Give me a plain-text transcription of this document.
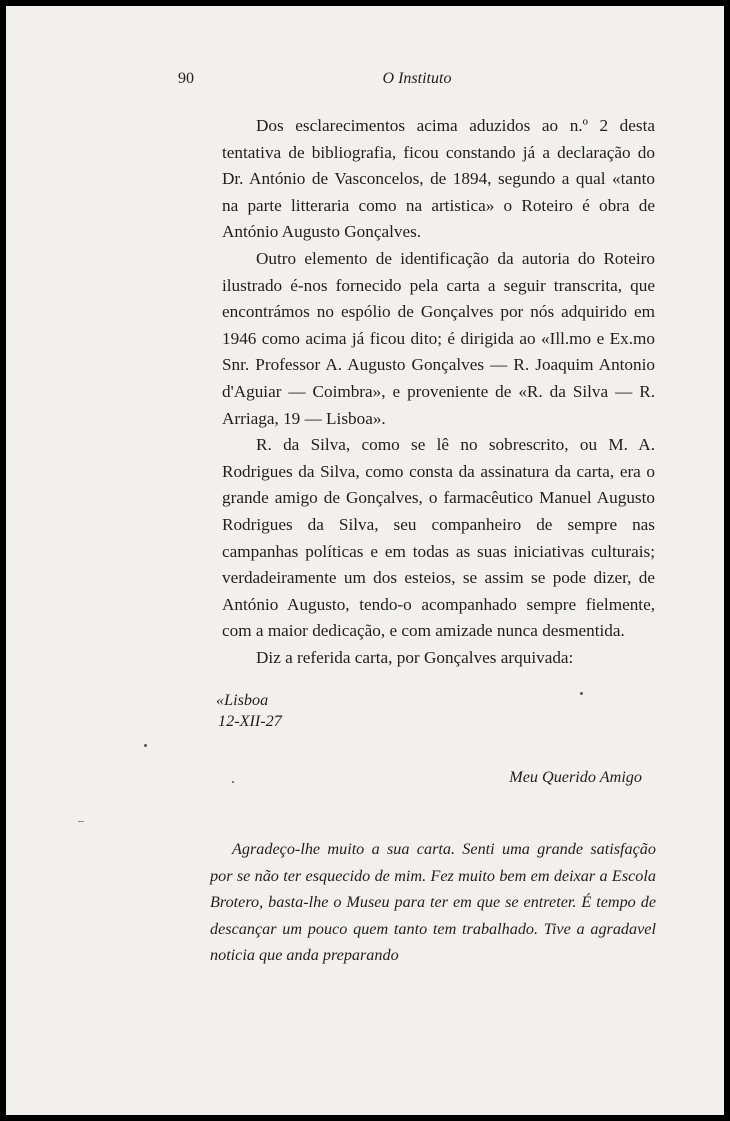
90	O Instituto

Dos esclarecimentos acima aduzidos ao n.º 2 desta tentativa de bibliografia, ficou constando já a declaração do Dr. António de Vasconcelos, de 1894, segundo a qual «tanto na parte litteraria como na artistica» o Roteiro é obra de António Augusto Gonçalves.

Outro elemento de identificação da autoria do Roteiro ilustrado é-nos fornecido pela carta a seguir transcrita, que encontrámos no espólio de Gonçalves por nós adquirido em 1946 como acima já ficou dito; é dirigida ao «Ill.mo e Ex.mo Snr. Professor A. Augusto Gonçalves — R. Joaquim Antonio d'Aguiar — Coimbra», e proveniente de «R. da Silva — R. Arriaga, 19 — Lisboa».

R. da Silva, como se lê no sobrescrito, ou M. A. Rodrigues da Silva, como consta da assinatura da carta, era o grande amigo de Gonçalves, o farmacêutico Manuel Augusto Rodrigues da Silva, seu companheiro de sempre nas campanhas políticas e em todas as suas iniciativas culturais; verdadeiramente um dos esteios, se assim se pode dizer, de António Augusto, tendo-o acompanhado sempre fielmente, com a maior dedicação, e com amizade nunca desmentida.

Diz a referida carta, por Gonçalves arquivada:

«Lisboa
12-XII-27
Meu Querido Amigo
Agradeço-lhe muito a sua carta. Senti uma grande satisfação por se não ter esquecido de mim. Fez muito bem em deixar a Escola Brotero, basta-lhe o Museu para ter em que se entreter. É tempo de descançar um pouco quem tanto tem trabalhado. Tive a agradavel noticia que anda preparando
